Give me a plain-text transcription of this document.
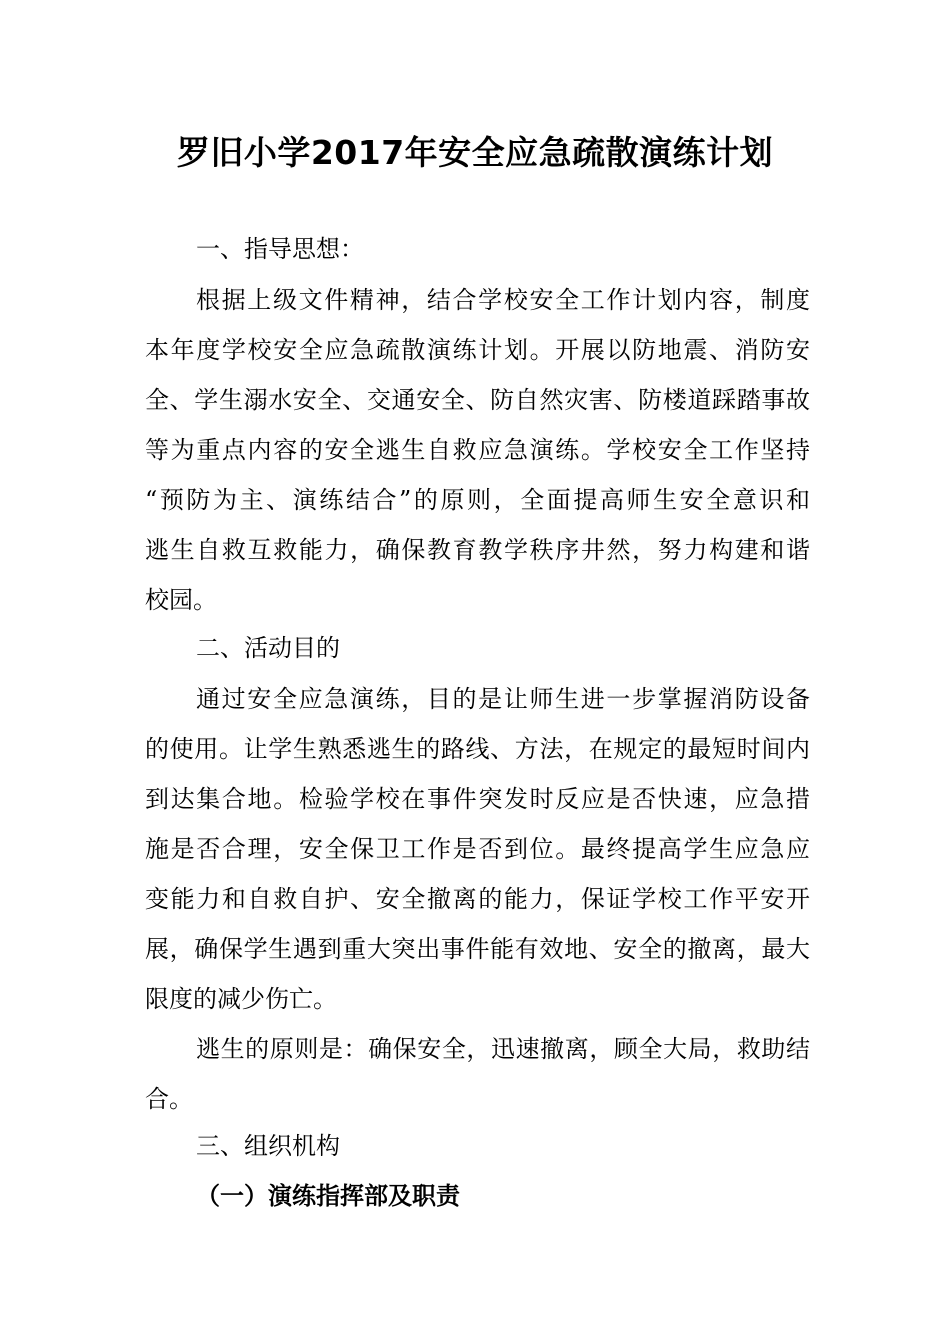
罗旧小学2017年安全应急疏散演练计划
一、指导思想：
根据上级文件精神，结合学校安全工作计划内容，制度
本年度学校安全应急疏散演练计划。开展以防地震、消防安
全、学生溺水安全、交通安全、防自然灾害、防楼道踩踏事故
等为重点内容的安全逃生自救应急演练。学校安全工作坚持
“预防为主、演练结合”的原则，全面提高师生安全意识和
逃生自救互救能力，确保教育教学秩序井然，努力构建和谐
校园。
二、活动目的
通过安全应急演练，目的是让师生进一步掌握消防设备
的使用。让学生熟悉逃生的路线、方法，在规定的最短时间内
到达集合地。检验学校在事件突发时反应是否快速，应急措
施是否合理，安全保卫工作是否到位。最终提高学生应急应
变能力和自救自护、安全撤离的能力，保证学校工作平安开
展，确保学生遇到重大突出事件能有效地、安全的撤离，最大
限度的减少伤亡。
逃生的原则是：确保安全，迅速撤离，顾全大局，救助结
合。
三、组织机构
（一）演练指挥部及职责
